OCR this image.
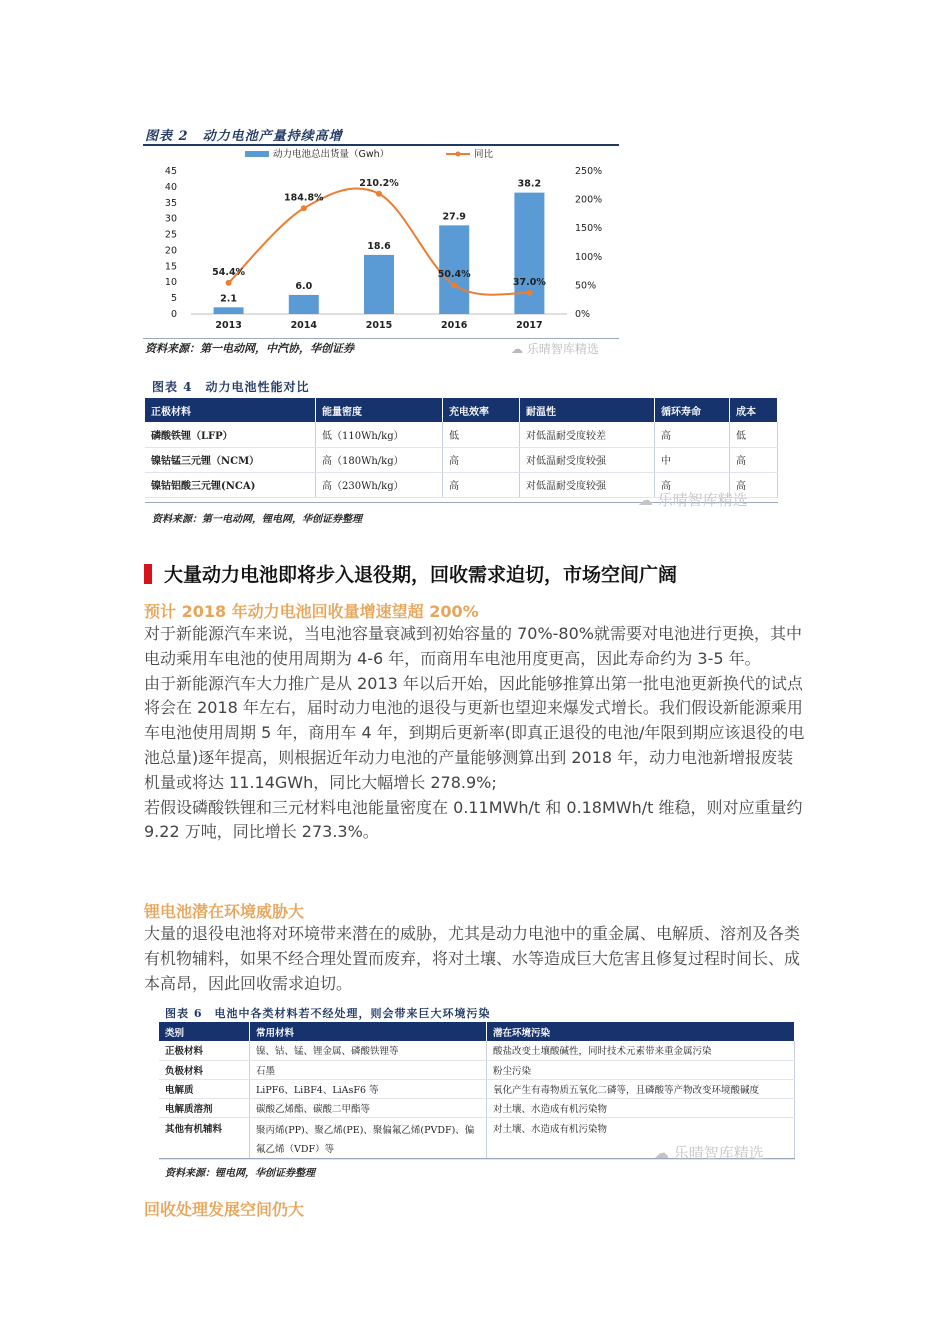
图表 2　动力电池产量持续高增
0
5
10
15
20
25
30
35
40
45
0%
50%
100%
150%
200%
250%
动力电池总出货量（Gwh）	同比
2.1
2013
6.0
2014
18.6
2015
27.9
2016
38.2
2017
54.4%
184.8%
210.2%
50.4%
37.0%
资料来源：第一电动网，中汽协，华创证券	☁ 乐晴智库精选
图表 4　动力电池性能对比
正极材料	能量密度	充电效率	耐温性	循环寿命	成本
磷酸铁锂（LFP）	低（110Wh/kg）	低	对低温耐受度较差	高	低
镍钴锰三元锂（NCM）	高（180Wh/kg）	高	对低温耐受度较强	中	高
镍钴铝酸三元锂(NCA)	高（230Wh/kg）	高	对低温耐受度较强	高	高
资料来源：第一电动网，锂电网，华创证券整理
☁ 乐晴智库精选
大量动力电池即将步入退役期，回收需求迫切，市场空间广阔
预计 2018 年动力电池回收量增速望超 200%

对于新能源汽车来说，当电池容量衰减到初始容量的 70%-80%就需要对电池进行更换，其中电动乘用车电池的使用周期为 4-6 年，而商用车电池用度更高，因此寿命约为 3-5 年。

由于新能源汽车大力推广是从 2013 年以后开始，因此能够推算出第一批电池更新换代的试点将会在 2018 年左右，届时动力电池的退役与更新也望迎来爆发式增长。我们假设新能源乘用车电池使用周期 5 年，商用车 4 年，到期后更新率(即真正退役的电池/年限到期应该退役的电池总量)逐年提高，则根据近年动力电池的产量能够测算出到 2018 年，动力电池新增报废装机量或将达 11.14GWh，同比大幅增长 278.9%;

若假设磷酸铁锂和三元材料电池能量密度在 0.11MWh/t 和 0.18MWh/t 维稳，则对应重量约 9.22 万吨，同比增长 273.3%。

锂电池潜在环境威胁大

大量的退役电池将对环境带来潜在的威胁，尤其是动力电池中的重金属、电解质、溶剂及各类有机物辅料，如果不经合理处置而废弃，将对土壤、水等造成巨大危害且修复过程时间长、成本高昂，因此回收需求迫切。

图表 6　电池中各类材料若不经处理，则会带来巨大环境污染
类别	常用材料	潜在环境污染
正极材料	镍、钴、锰、锂金属、磷酸铁锂等	酸盐改变土壤酸碱性，同时技术元素带来重金属污染
负极材料	石墨	粉尘污染
电解质	LiPF6、LiBF4、LiAsF6 等	氧化产生有毒物质五氧化二磷等，且磷酸等产物改变环境酸碱度
电解质溶剂	碳酸乙烯酯、碳酸二甲酯等	对土壤、水造成有机污染物
其他有机辅料	聚丙烯(PP)、聚乙烯(PE)、聚偏氟乙烯(PVDF)、偏氟乙烯（VDF）等	对土壤、水造成有机污染物
资料来源：锂电网，华创证券整理
☁ 乐晴智库精选
回收处理发展空间仍大
